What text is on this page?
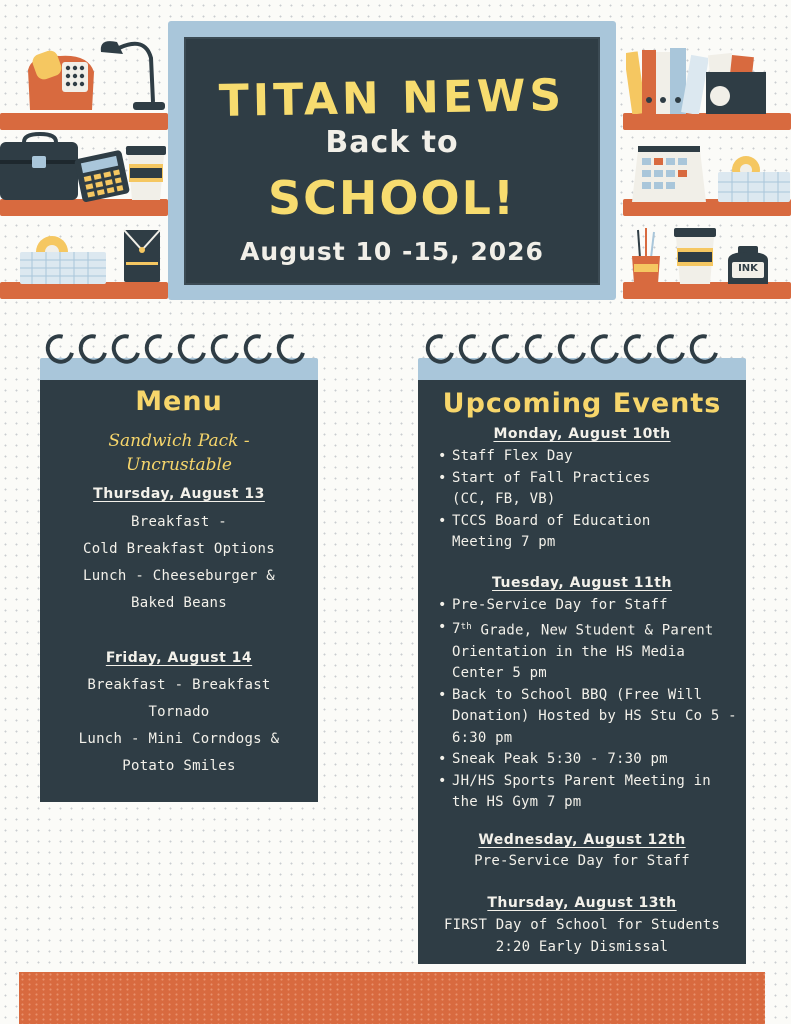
INK
TITAN NEWS
Back to
SCHOOL!
August 10 -15, 2026
Menu
Sandwich Pack -
Uncrustable
Thursday, August 13
Breakfast -
Cold Breakfast Options
Lunch - Cheeseburger &
Baked Beans
Friday, August 14
Breakfast - Breakfast
Tornado
Lunch - Mini Corndogs &
Potato Smiles
Upcoming Events
Monday, August 10th
• Staff Flex Day
• Start of Fall Practices (CC, FB, VB)
• TCCS Board of Education Meeting 7 pm
Tuesday, August 11th
• Pre-Service Day for Staff
• $^{7th}$ Grade, New Student & Parent Orientation in the HS Media Center 5 pm
• Back to School BBQ (Free Will Donation) Hosted by HS Stu Co 5 - 6:30 pm
• Sneak Peak 5:30 - 7:30 pm
• JH/HS Sports Parent Meeting in the HS Gym 7 pm
Wednesday, August 12th
Pre-Service Day for Staff
Thursday, August 13th
FIRST Day of School for Students
2:20 Early Dismissal
